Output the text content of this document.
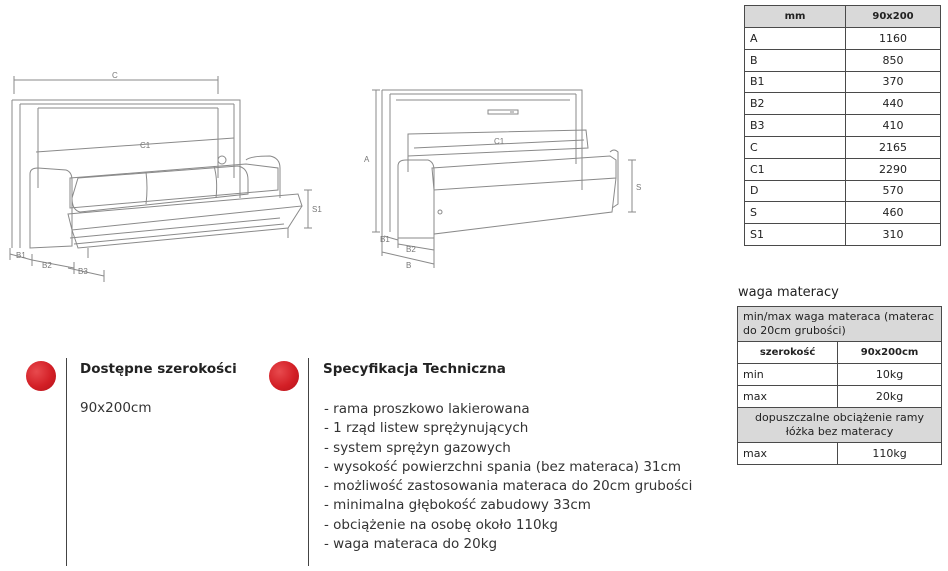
C
C1
S1
B1
B2
B3
A
C1
S
B1
B2
B
mm	90x200
A	1160
B	850
B1	370
B2	440
B3	410
C	2165
C1	2290
D	570
S	460
S1	310
waga materacy
min/max waga materaca (materac do 20cm grubości)	
szerokość	90x200cm
min	10kg
max	20kg
dopuszczalne obciążenie ramy łóżka bez materacy	
max	110kg
Dostępne szerokości
90x200cm
Specyfikacja Techniczna
- rama proszkowo lakierowana
- 1 rząd listew sprężynujących
- system sprężyn gazowych
- wysokość powierzchni spania (bez materaca) 31cm
- możliwość zastosowania materaca do 20cm grubości
- minimalna głębokość zabudowy 33cm
- obciążenie na osobę około 110kg
- waga materaca do 20kg
